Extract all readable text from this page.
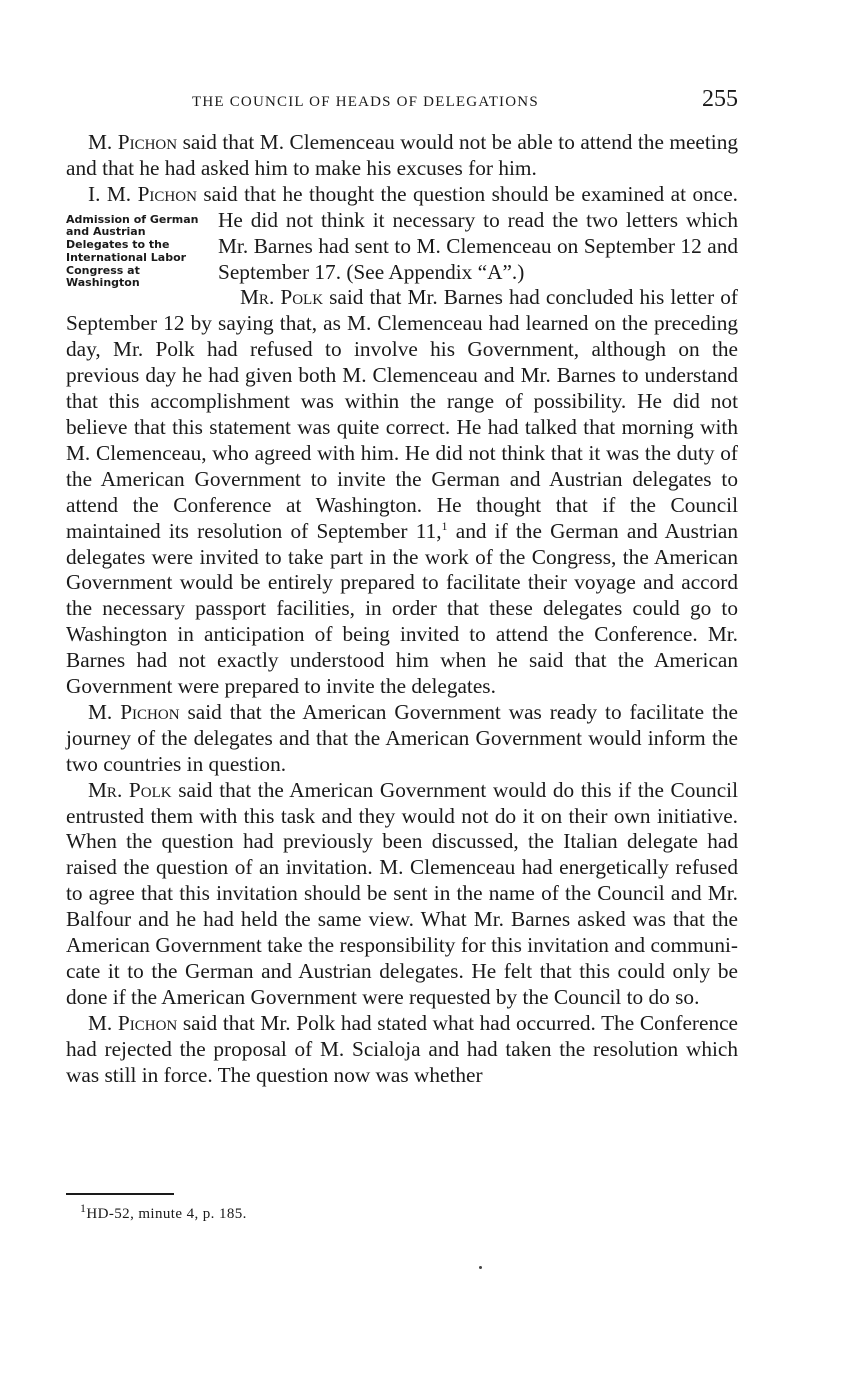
THE COUNCIL OF HEADS OF DELEGATIONS	255

M. Pichon said that M. Clemenceau would not be able to attend the meeting and that he had asked him to make his excuses for him.

I. M. Pichon said that he thought the question should be examined at once. He did not think it necessary to read the two letters which
Admission of German and Austrian Delegates to the International Labor Congress at Washington
Mr. Barnes had sent to M. Clemenceau on September 12 and September 17. (See Appendix “A”.)

Mr. Polk said that Mr. Barnes had concluded his letter of September 12 by saying that, as M. Clemenceau had learned on the preceding day, Mr. Polk had refused to involve his Government, although on the previous day he had given both M. Clemenceau and Mr. Barnes to understand that this accomplishment was within the range of possibility. He did not believe that this statement was quite correct. He had talked that morning with M. Clemenceau, who agreed with him. He did not think that it was the duty of the American Government to invite the German and Austrian delegates to attend the Conference at Washington. He thought that if the Council maintained its resolution of September 11,$^1$ and if the German and Austrian delegates were invited to take part in the work of the Congress, the American Government would be entirely prepared to facilitate their voyage and accord the necessary passport facilities, in order that these delegates could go to Washington in anticipation of being invited to attend the Conference. Mr. Barnes had not exactly understood him when he said that the American Government were prepared to invite the delegates.

M. Pichon said that the American Government was ready to facilitate the journey of the delegates and that the American Government would inform the two countries in question.

Mr. Polk said that the American Government would do this if the Council entrusted them with this task and they would not do it on their own initiative. When the question had previously been discussed, the Italian delegate had raised the question of an invitation. M. Clemenceau had energetically refused to agree that this invitation should be sent in the name of the Council and Mr. Balfour and he had held the same view. What Mr. Barnes asked was that the American Government take the responsibility for this invitation and communicate it to the German and Austrian delegates. He felt that this could only be done if the American Government were requested by the Council to do so.

M. Pichon said that Mr. Polk had stated what had occurred. The Conference had rejected the proposal of M. Scialoja and had taken the resolution which was still in force. The question now was whether

$^1$HD-52, minute 4, p. 185.
